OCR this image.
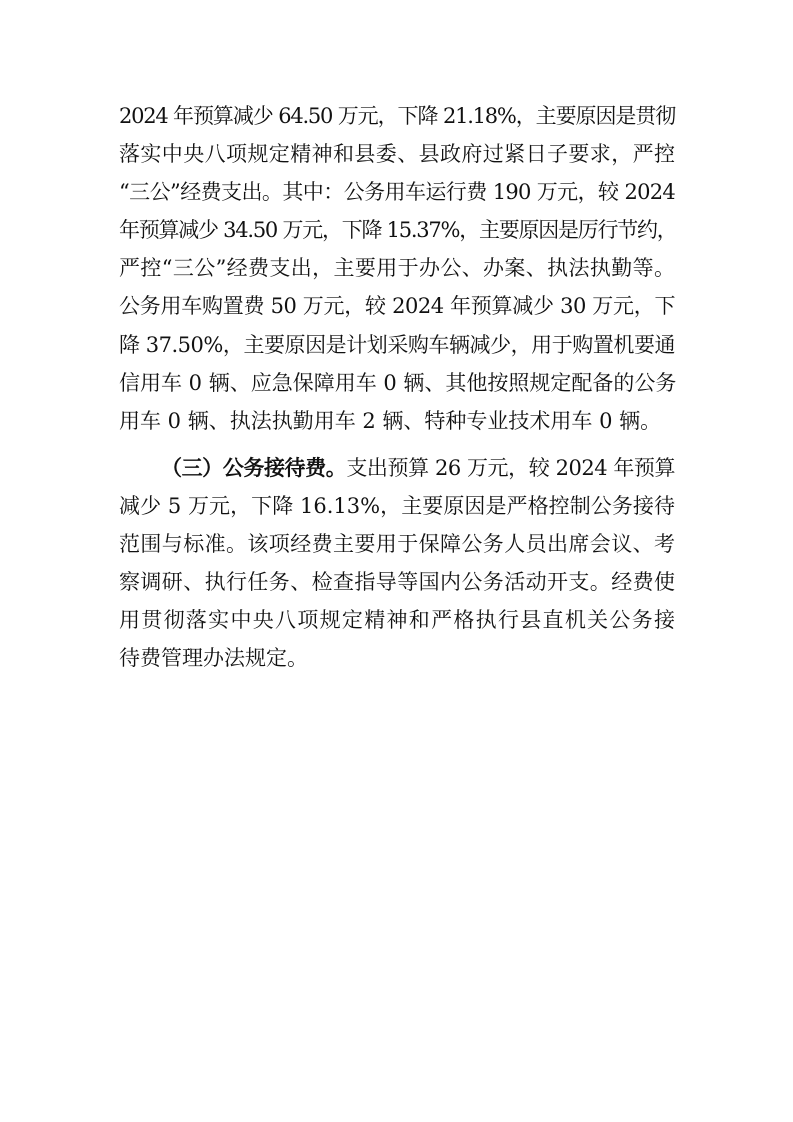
2024 年预算减少 64.50 万元，下降 21.18%，主要原因是贯彻
落实中央八项规定精神和县委、县政府过紧日子要求，严控
“三公”经费支出。其中：公务用车运行费 190 万元，较 2024
年预算减少 34.50 万元，下降 15.37%，主要原因是厉行节约，
严控“三公”经费支出，主要用于办公、办案、执法执勤等。
公务用车购置费 50 万元，较 2024 年预算减少 30 万元，下
降 37.50%，主要原因是计划采购车辆减少，用于购置机要通
信用车 0 辆、应急保障用车 0 辆、其他按照规定配备的公务
用车 0 辆、执法执勤用车 2 辆、特种专业技术用车 0 辆。

（三）公务接待费。支出预算 26 万元，较 2024 年预算
减少 5 万元，下降 16.13%，主要原因是严格控制公务接待
范围与标准。该项经费主要用于保障公务人员出席会议、考
察调研、执行任务、检查指导等国内公务活动开支。经费使
用贯彻落实中央八项规定精神和严格执行县直机关公务接
待费管理办法规定。
